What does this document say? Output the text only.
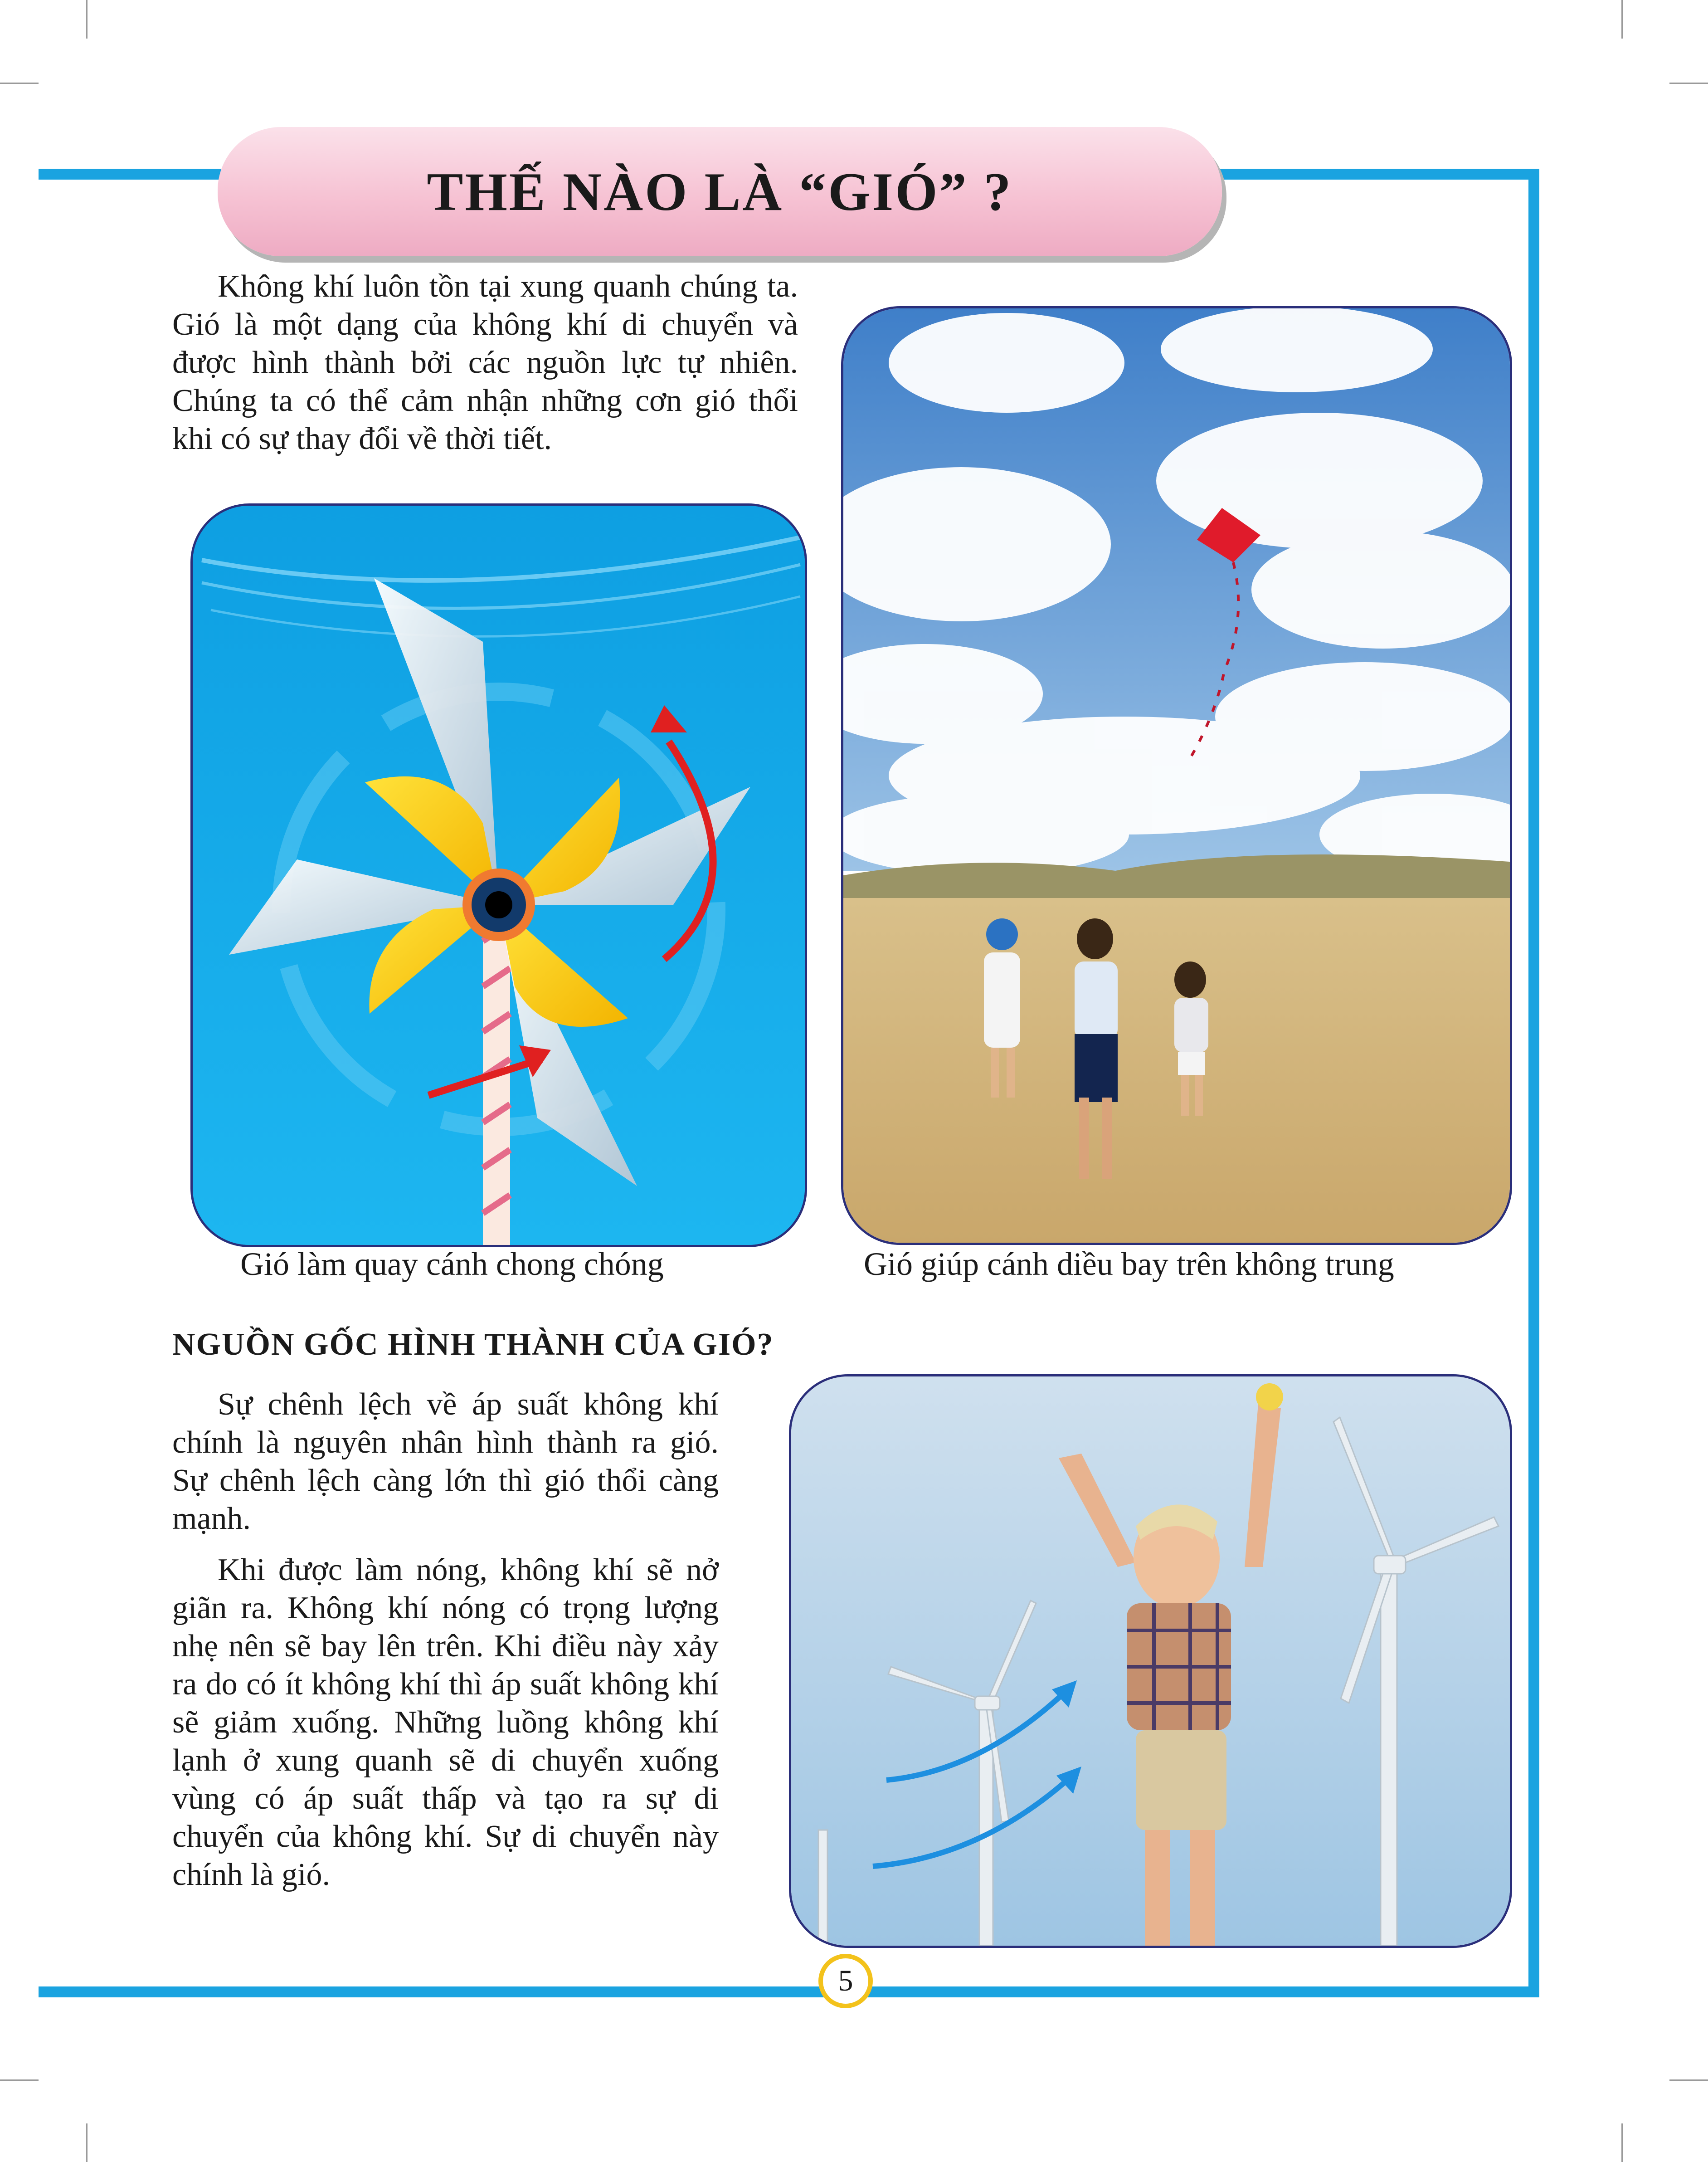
THẾ NÀO LÀ “GIÓ” ?

Không khí luôn tồn tại xung quanh chúng ta. Gió là một dạng của không khí di chuyển và được hình thành bởi các nguồn lực tự nhiên. Chúng ta có thể cảm nhận những cơn gió thổi khi có sự thay đổi về thời tiết.

Gió làm quay cánh chong chóng	Gió giúp cánh diều bay trên không trung
NGUỒN GỐC HÌNH THÀNH CỦA GIÓ?

Sự chênh lệch về áp suất không khí chính là nguyên nhân hình thành ra gió. Sự chênh lệch càng lớn thì gió thổi càng mạnh.

Khi được làm nóng, không khí sẽ nở giãn ra. Không khí nóng có trọng lượng nhẹ nên sẽ bay lên trên. Khi điều này xảy ra do có ít không khí thì áp suất không khí sẽ giảm xuống. Những luồng không khí lạnh ở xung quanh sẽ di chuyển xuống vùng có áp suất thấp và tạo ra sự di chuyển của không khí. Sự di chuyển này chính là gió.

5
